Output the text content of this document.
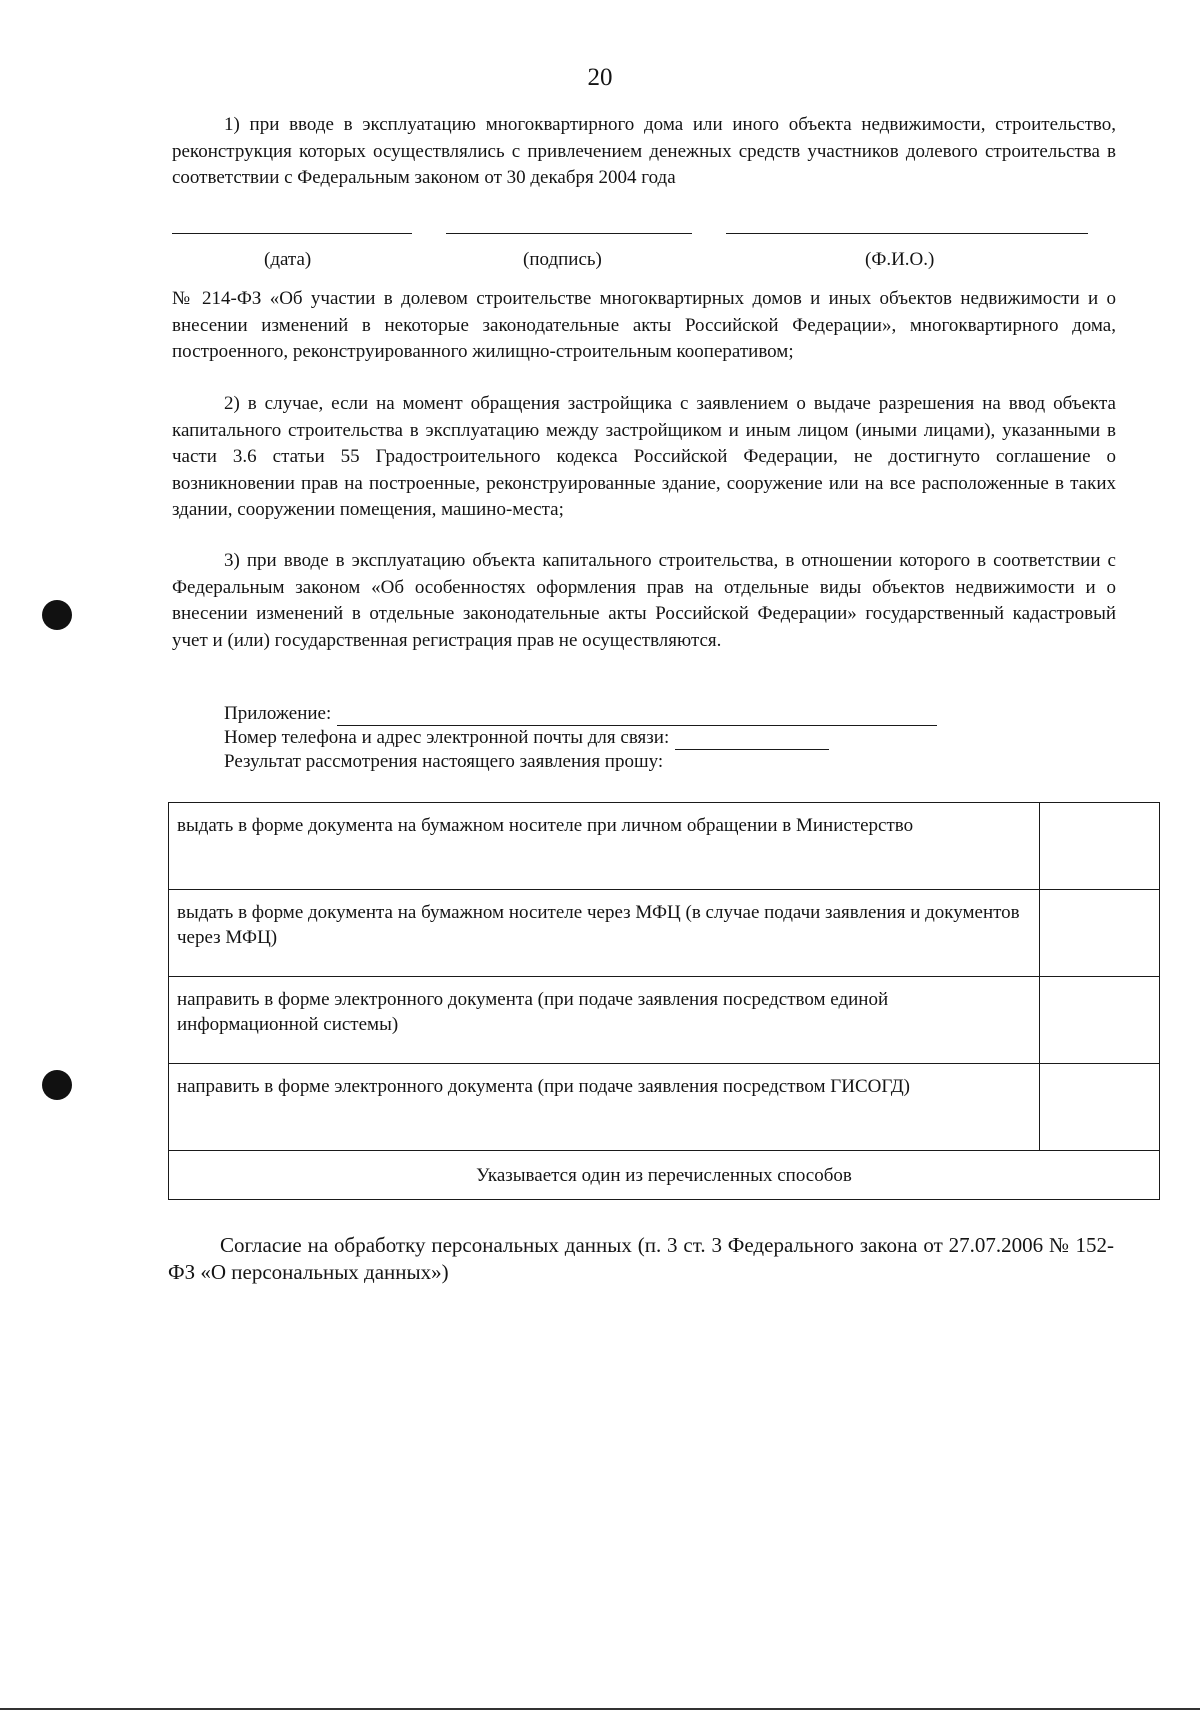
20

1) при вводе в эксплуатацию многоквартирного дома или иного объекта недвижимости, строительство, реконструкция которых осуществлялись с привлечением денежных средств участников долевого строительства в соответствии с Федеральным законом от 30 декабря 2004 года

(дата)	(подпись)	(Ф.И.О.)

№ 214-ФЗ «Об участии в долевом строительстве многоквартирных домов и иных объектов недвижимости и о внесении изменений в некоторые законодательные акты Российской Федерации», многоквартирного дома, построенного, реконструированного жилищно-строительным кооперативом;

2) в случае, если на момент обращения застройщика с заявлением о выдаче разрешения на ввод объекта капитального строительства в эксплуатацию между застройщиком и иным лицом (иными лицами), указанными в части 3.6 статьи 55 Градостроительного кодекса Российской Федерации, не достигнуто соглашение о возникновении прав на построенные, реконструированные здание, сооружение или на все расположенные в таких здании, сооружении помещения, машино-места;

3) при вводе в эксплуатацию объекта капитального строительства, в отношении которого в соответствии с Федеральным законом «Об особенностях оформления прав на отдельные виды объектов недвижимости и о внесении изменений в отдельные законодательные акты Российской Федерации» государственный кадастровый учет и (или) государственная регистрация прав не осуществляются.

Приложение:
Номер телефона и адрес электронной почты для связи:
Результат рассмотрения настоящего заявления прошу:
выдать в форме документа на бумажном носителе при личном обращении в Министерство	
выдать в форме документа на бумажном носителе через МФЦ (в случае подачи заявления и документов через МФЦ)	
направить в форме электронного документа (при подаче заявления посредством единой информационной системы)	
направить в форме электронного документа (при подаче заявления посредством ГИСОГД)	
Указывается один из перечисленных способов	

Согласие на обработку персональных данных (п. 3 ст. 3 Федерального закона от 27.07.2006 № 152-ФЗ «О персональных данных»)
